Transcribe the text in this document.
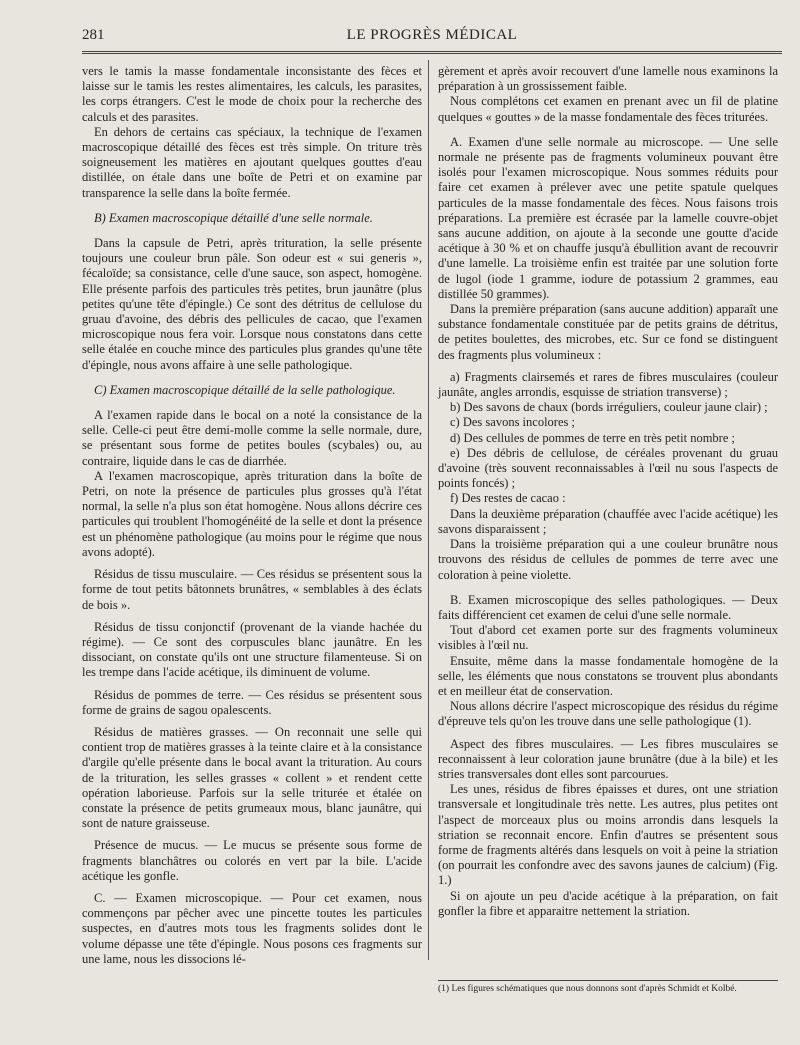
281	LE PROGRÈS MÉDICAL

vers le tamis la masse fondamentale inconsistante des fèces et laisse sur le tamis les restes alimentaires, les calculs, les parasites, les corps étrangers. C'est le mode de choix pour la recherche des calculs et des parasites.

En dehors de certains cas spéciaux, la technique de l'examen macroscopique détaillé des fèces est très simple. On triture très soigneusement les matières en ajoutant quelques gouttes d'eau distillée, on étale dans une boîte de Petri et on examine par transparence la selle dans la boîte fermée.

B) Examen macroscopique détaillé d'une selle normale.

Dans la capsule de Petri, après trituration, la selle présente toujours une couleur brun pâle. Son odeur est « sui generis », fécaloïde; sa consistance, celle d'une sauce, son aspect, homogène. Elle présente parfois des particules très petites, brun jaunâtre (plus petites qu'une tête d'épingle.) Ce sont des détritus de cellulose du gruau d'avoine, des débris des pellicules de cacao, que l'examen microscopique nous fera voir. Lorsque nous constatons dans cette selle étalée en couche mince des particules plus grandes qu'une tête d'épingle, nous avons affaire à une selle pathologique.

C) Examen macroscopique détaillé de la selle pathologique.

A l'examen rapide dans le bocal on a noté la consistance de la selle. Celle-ci peut être demi-molle comme la selle normale, dure, se présentant sous forme de petites boules (scybales) ou, au contraire, liquide dans le cas de diarrhée.

A l'examen macroscopique, après trituration dans la boîte de Petri, on note la présence de particules plus grosses qu'à l'état normal, la selle n'a plus son état homogène. Nous allons décrire ces particules qui troublent l'homogénéité de la selle et dont la présence est un phénomène pathologique (au moins pour le régime que nous avons adopté).

Résidus de tissu musculaire. — Ces résidus se présentent sous la forme de tout petits bâtonnets brunâtres, « semblables à des éclats de bois ».

Résidus de tissu conjonctif (provenant de la viande hachée du régime). — Ce sont des corpuscules blanc jaunâtre. En les dissociant, on constate qu'ils ont une structure filamenteuse. Si on les trempe dans l'acide acétique, ils diminuent de volume.

Résidus de pommes de terre. — Ces résidus se présentent sous forme de grains de sagou opalescents.

Résidus de matières grasses. — On reconnait une selle qui contient trop de matières grasses à la teinte claire et à la consistance d'argile qu'elle présente dans le bocal avant la trituration. Au cours de la trituration, les selles grasses « collent » et rendent cette opération laborieuse. Parfois sur la selle triturée et étalée on constate la présence de petits grumeaux mous, blanc jaunâtre, qui sont de nature graisseuse.

Présence de mucus. — Le mucus se présente sous forme de fragments blanchâtres ou colorés en vert par la bile. L'acide acétique les gonfle.

C. — Examen microscopique. — Pour cet examen, nous commençons par pêcher avec une pincette toutes les particules suspectes, en d'autres mots tous les fragments solides dont le volume dépasse une tête d'épingle. Nous posons ces fragments sur une lame, nous les dissocions lé-

gèrement et après avoir recouvert d'une lamelle nous examinons la préparation à un grossissement faible.

Nous complétons cet examen en prenant avec un fil de platine quelques « gouttes » de la masse fondamentale des fèces triturées.

A. Examen d'une selle normale au microscope. — Une selle normale ne présente pas de fragments volumineux pouvant être isolés pour l'examen microscopique. Nous sommes réduits pour faire cet examen à prélever avec une petite spatule quelques particules de la masse fondamentale des fèces. Nous faisons trois préparations. La première est écrasée par la lamelle couvre-objet sans aucune addition, on ajoute à la seconde une goutte d'acide acétique à 30 % et on chauffe jusqu'à ébullition avant de recouvrir d'une lamelle. La troisième enfin est traitée par une solution forte de lugol (iode 1 gramme, iodure de potassium 2 grammes, eau distillée 50 grammes).

Dans la première préparation (sans aucune addition) apparaît une substance fondamentale constituée par de petits grains de détritus, de petites boulettes, des microbes, etc. Sur ce fond se distinguent des fragments plus volumineux :

a) Fragments clairsemés et rares de fibres musculaires (couleur jaunâte, angles arrondis, esquisse de striation transverse) ;

b) Des savons de chaux (bords irréguliers, couleur jaune clair) ;

c) Des savons incolores ;

d) Des cellules de pommes de terre en très petit nombre ;

e) Des débris de cellulose, de céréales provenant du gruau d'avoine (très souvent reconnaissables à l'œil nu sous l'aspects de points foncés) ;

f) Des restes de cacao :

Dans la deuxième préparation (chauffée avec l'acide acétique) les savons disparaissent ;

Dans la troisième préparation qui a une couleur brunâtre nous trouvons des résidus de cellules de pommes de terre avec une coloration à peine violette.

B. Examen microscopique des selles pathologiques. — Deux faits différencient cet examen de celui d'une selle normale.

Tout d'abord cet examen porte sur des fragments volumineux visibles à l'œil nu.

Ensuite, même dans la masse fondamentale homogène de la selle, les éléments que nous constatons se trouvent plus abondants et en meilleur état de conservation.

Nous allons décrire l'aspect microscopique des résidus du régime d'épreuve tels qu'on les trouve dans une selle pathologique (1).

Aspect des fibres musculaires. — Les fibres musculaires se reconnaissent à leur coloration jaune brunâtre (due à la bile) et les stries transversales dont elles sont parcourues.

Les unes, résidus de fibres épaisses et dures, ont une striation transversale et longitudinale très nette. Les autres, plus petites ont l'aspect de morceaux plus ou moins arrondis dans lesquels la striation se reconnait encore. Enfin d'autres se présentent sous forme de fragments altérés dans lesquels on voit à peine la striation (on pourrait les confondre avec des savons jaunes de calcium) (Fig. 1.)

Si on ajoute un peu d'acide acétique à la préparation, on fait gonfler la fibre et apparaitre nettement la striation.

(1) Les figures schématiques que nous donnons sont d'après Schmidt et Kolbé.
